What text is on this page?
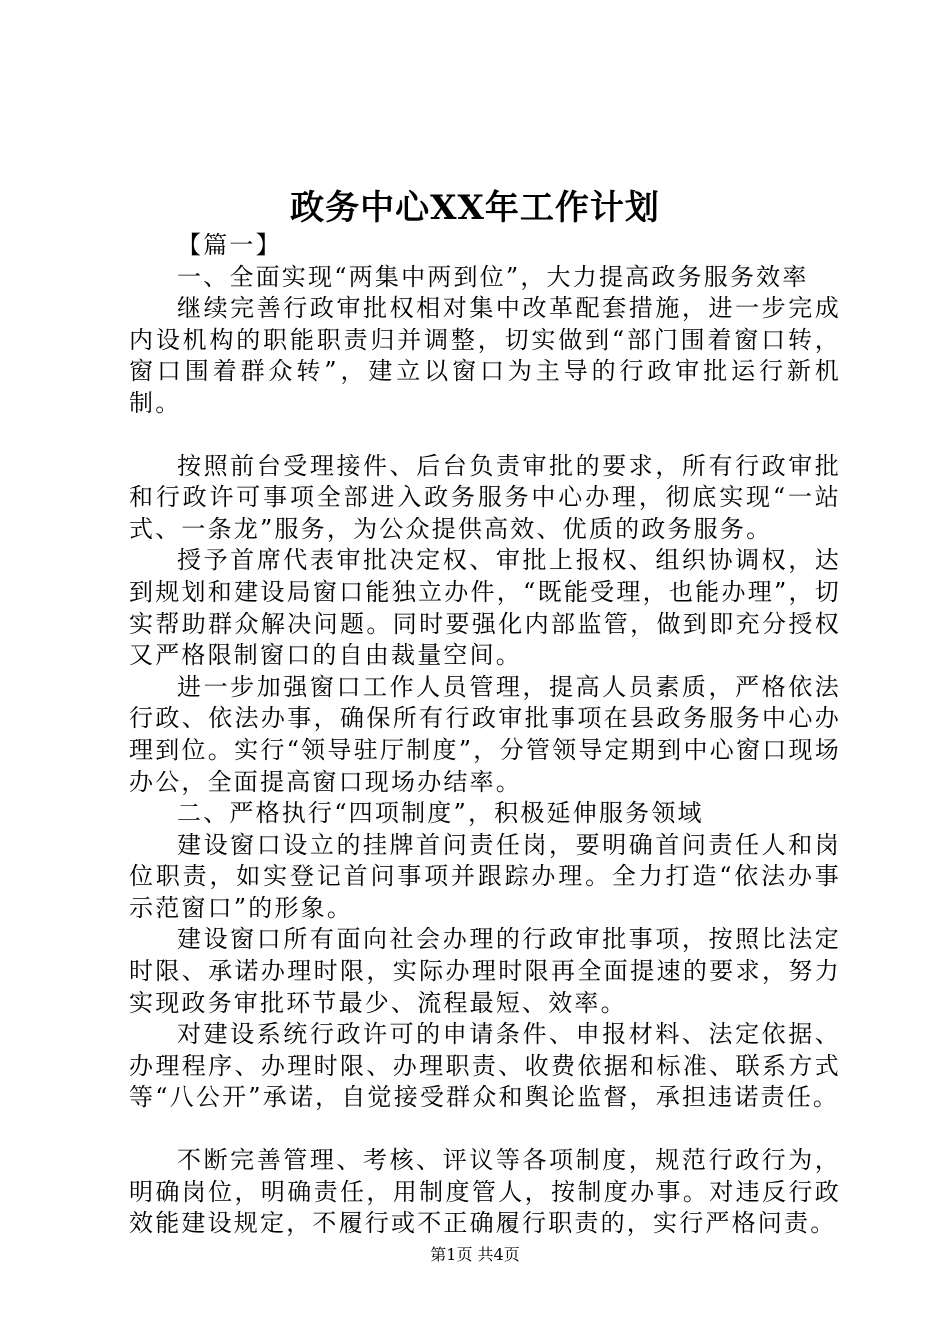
政务中心XX年工作计划

【篇一】

一、全面实现“两集中两到位”，大力提高政务服务效率

继续完善行政审批权相对集中改革配套措施，进一步完成内设机构的职能职责归并调整，切实做到“部门围着窗口转，窗口围着群众转”，建立以窗口为主导的行政审批运行新机制。

按照前台受理接件、后台负责审批的要求，所有行政审批和行政许可事项全部进入政务服务中心办理，彻底实现“一站式、一条龙”服务，为公众提供高效、优质的政务服务。

授予首席代表审批决定权、审批上报权、组织协调权，达到规划和建设局窗口能独立办件，“既能受理，也能办理”，切实帮助群众解决问题。同时要强化内部监管，做到即充分授权又严格限制窗口的自由裁量空间。

进一步加强窗口工作人员管理，提高人员素质，严格依法行政、依法办事，确保所有行政审批事项在县政务服务中心办理到位。实行“领导驻厅制度”，分管领导定期到中心窗口现场办公，全面提高窗口现场办结率。

二、严格执行“四项制度”，积极延伸服务领域

建设窗口设立的挂牌首问责任岗，要明确首问责任人和岗位职责，如实登记首问事项并跟踪办理。全力打造“依法办事示范窗口”的形象。

建设窗口所有面向社会办理的行政审批事项，按照比法定时限、承诺办理时限，实际办理时限再全面提速的要求，努力实现政务审批环节最少、流程最短、效率。

对建设系统行政许可的申请条件、申报材料、法定依据、办理程序、办理时限、办理职责、收费依据和标准、联系方式等“八公开”承诺，自觉接受群众和舆论监督，承担违诺责任。

不断完善管理、考核、评议等各项制度，规范行政行为，明确岗位，明确责任，用制度管人，按制度办事。对违反行政效能建设规定，不履行或不正确履行职责的，实行严格问责。

第1页 共4页
